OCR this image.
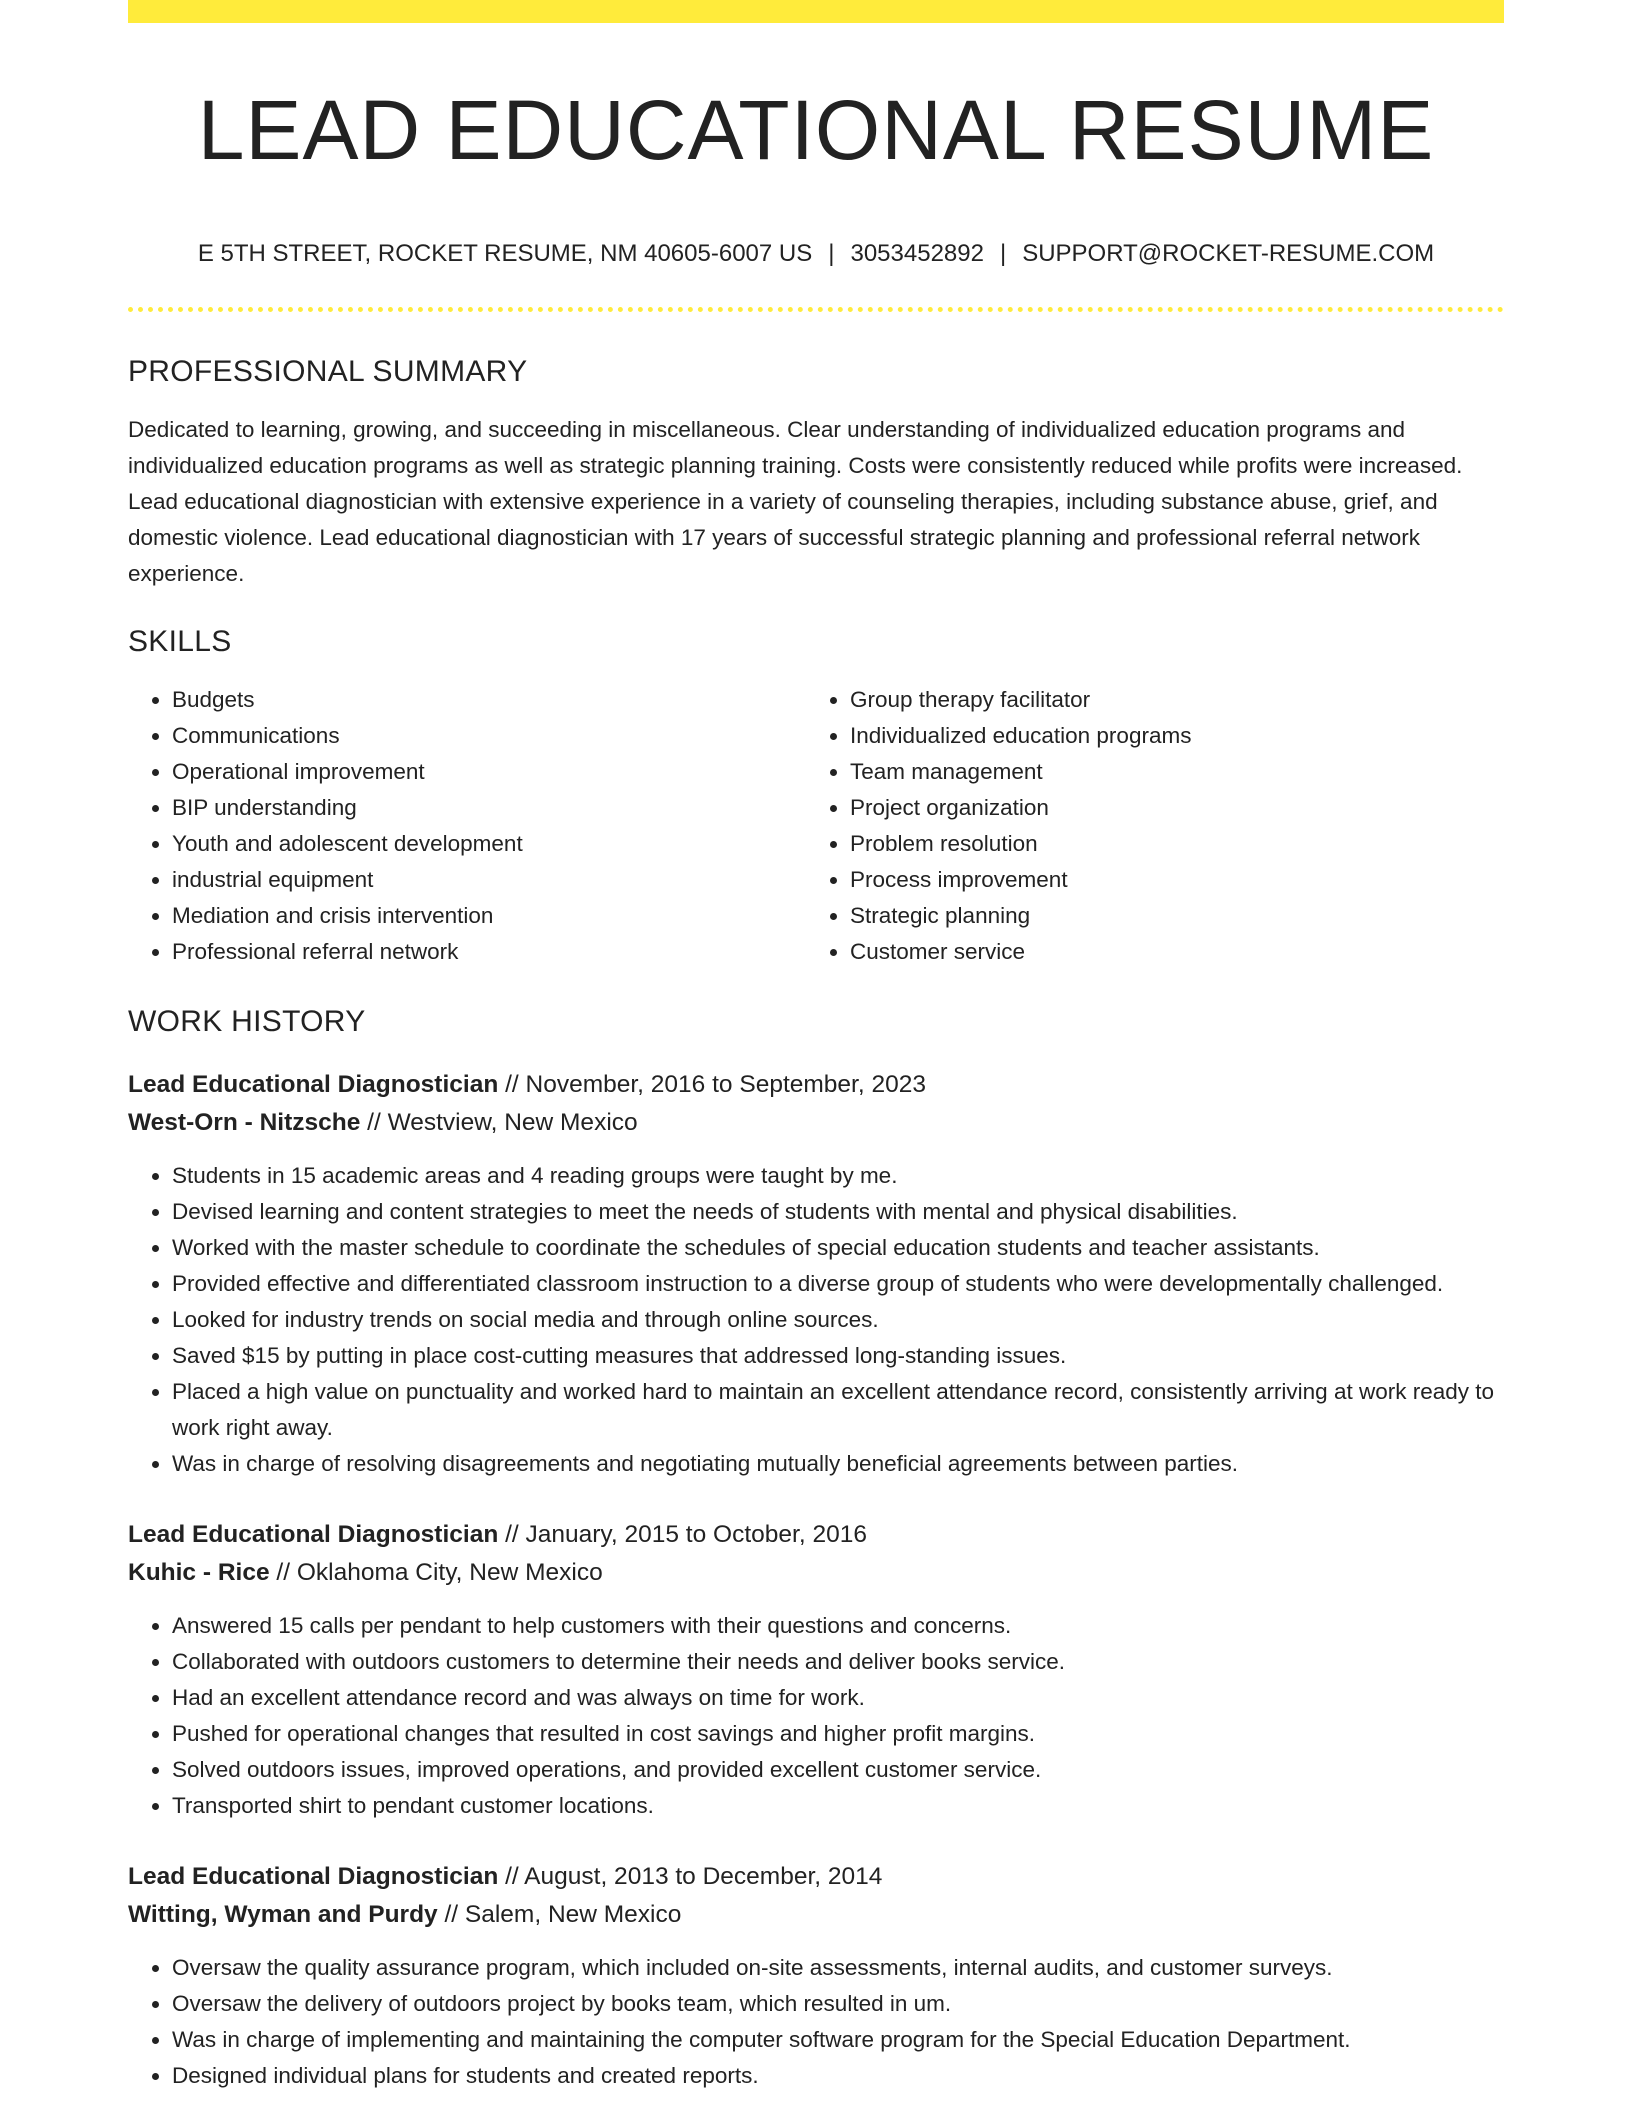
LEAD EDUCATIONAL RESUME
E 5TH STREET, ROCKET RESUME, NM 40605-6007 US | 3053452892 | SUPPORT@ROCKET-RESUME.COM
PROFESSIONAL SUMMARY

Dedicated to learning, growing, and succeeding in miscellaneous. Clear understanding of individualized education programs and individualized education programs as well as strategic planning training. Costs were consistently reduced while profits were increased. Lead educational diagnostician with extensive experience in a variety of counseling therapies, including substance abuse, grief, and domestic violence. Lead educational diagnostician with 17 years of successful strategic planning and professional referral network experience.

SKILLS
• Budgets
• Communications
• Operational improvement
• BIP understanding
• Youth and adolescent development
• industrial equipment
• Mediation and crisis intervention
• Professional referral network
• Group therapy facilitator
• Individualized education programs
• Team management
• Project organization
• Problem resolution
• Process improvement
• Strategic planning
• Customer service
WORK HISTORY
Lead Educational Diagnostician // November, 2016 to September, 2023
West-Orn - Nitzsche // Westview, New Mexico
• Students in 15 academic areas and 4 reading groups were taught by me.
• Devised learning and content strategies to meet the needs of students with mental and physical disabilities.
• Worked with the master schedule to coordinate the schedules of special education students and teacher assistants.
• Provided effective and differentiated classroom instruction to a diverse group of students who were developmentally challenged.
• Looked for industry trends on social media and through online sources.
• Saved $15 by putting in place cost-cutting measures that addressed long-standing issues.
• Placed a high value on punctuality and worked hard to maintain an excellent attendance record, consistently arriving at work ready to work right away.
• Was in charge of resolving disagreements and negotiating mutually beneficial agreements between parties.
Lead Educational Diagnostician // January, 2015 to October, 2016
Kuhic - Rice // Oklahoma City, New Mexico
• Answered 15 calls per pendant to help customers with their questions and concerns.
• Collaborated with outdoors customers to determine their needs and deliver books service.
• Had an excellent attendance record and was always on time for work.
• Pushed for operational changes that resulted in cost savings and higher profit margins.
• Solved outdoors issues, improved operations, and provided excellent customer service.
• Transported shirt to pendant customer locations.
Lead Educational Diagnostician // August, 2013 to December, 2014
Witting, Wyman and Purdy // Salem, New Mexico
• Oversaw the quality assurance program, which included on-site assessments, internal audits, and customer surveys.
• Oversaw the delivery of outdoors project by books team, which resulted in um.
• Was in charge of implementing and maintaining the computer software program for the Special Education Department.
• Designed individual plans for students and created reports.
